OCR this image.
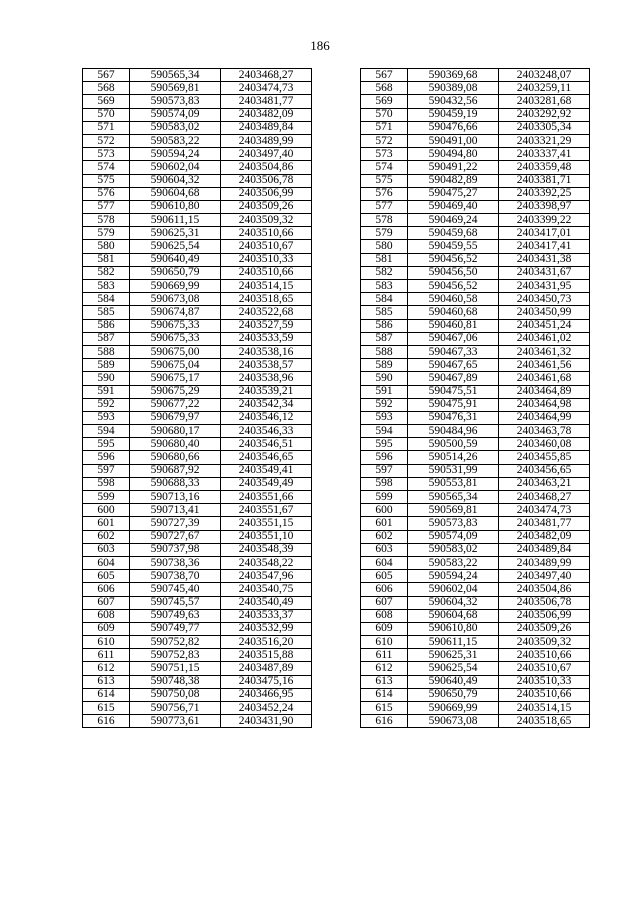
186
567	590565,34	2403468,27		567	590369,68	2403248,07
568	590569,81	2403474,73		568	590389,08	2403259,11
569	590573,83	2403481,77		569	590432,56	2403281,68
570	590574,09	2403482,09		570	590459,19	2403292,92
571	590583,02	2403489,84		571	590476,66	2403305,34
572	590583,22	2403489,99		572	590491,00	2403321,29
573	590594,24	2403497,40		573	590494,80	2403337,41
574	590602,04	2403504,86		574	590491,22	2403359,48
575	590604,32	2403506,78		575	590482,89	2403381,71
576	590604,68	2403506,99		576	590475,27	2403392,25
577	590610,80	2403509,26		577	590469,40	2403398,97
578	590611,15	2403509,32		578	590469,24	2403399,22
579	590625,31	2403510,66		579	590459,68	2403417,01
580	590625,54	2403510,67		580	590459,55	2403417,41
581	590640,49	2403510,33		581	590456,52	2403431,38
582	590650,79	2403510,66		582	590456,50	2403431,67
583	590669,99	2403514,15		583	590456,52	2403431,95
584	590673,08	2403518,65		584	590460,58	2403450,73
585	590674,87	2403522,68		585	590460,68	2403450,99
586	590675,33	2403527,59		586	590460,81	2403451,24
587	590675,33	2403533,59		587	590467,06	2403461,02
588	590675,00	2403538,16		588	590467,33	2403461,32
589	590675,04	2403538,57		589	590467,65	2403461,56
590	590675,17	2403538,96		590	590467,89	2403461,68
591	590675,29	2403539,21		591	590475,51	2403464,89
592	590677,22	2403542,34		592	590475,91	2403464,98
593	590679,97	2403546,12		593	590476,31	2403464,99
594	590680,17	2403546,33		594	590484,96	2403463,78
595	590680,40	2403546,51		595	590500,59	2403460,08
596	590680,66	2403546,65		596	590514,26	2403455,85
597	590687,92	2403549,41		597	590531,99	2403456,65
598	590688,33	2403549,49		598	590553,81	2403463,21
599	590713,16	2403551,66		599	590565,34	2403468,27
600	590713,41	2403551,67		600	590569,81	2403474,73
601	590727,39	2403551,15		601	590573,83	2403481,77
602	590727,67	2403551,10		602	590574,09	2403482,09
603	590737,98	2403548,39		603	590583,02	2403489,84
604	590738,36	2403548,22		604	590583,22	2403489,99
605	590738,70	2403547,96		605	590594,24	2403497,40
606	590745,40	2403540,75		606	590602,04	2403504,86
607	590745,57	2403540,49		607	590604,32	2403506,78
608	590749,63	2403533,37		608	590604,68	2403506,99
609	590749,77	2403532,99		609	590610,80	2403509,26
610	590752,82	2403516,20		610	590611,15	2403509,32
611	590752,83	2403515,88		611	590625,31	2403510,66
612	590751,15	2403487,89		612	590625,54	2403510,67
613	590748,38	2403475,16		613	590640,49	2403510,33
614	590750,08	2403466,95		614	590650,79	2403510,66
615	590756,71	2403452,24		615	590669,99	2403514,15
616	590773,61	2403431,90		616	590673,08	2403518,65
